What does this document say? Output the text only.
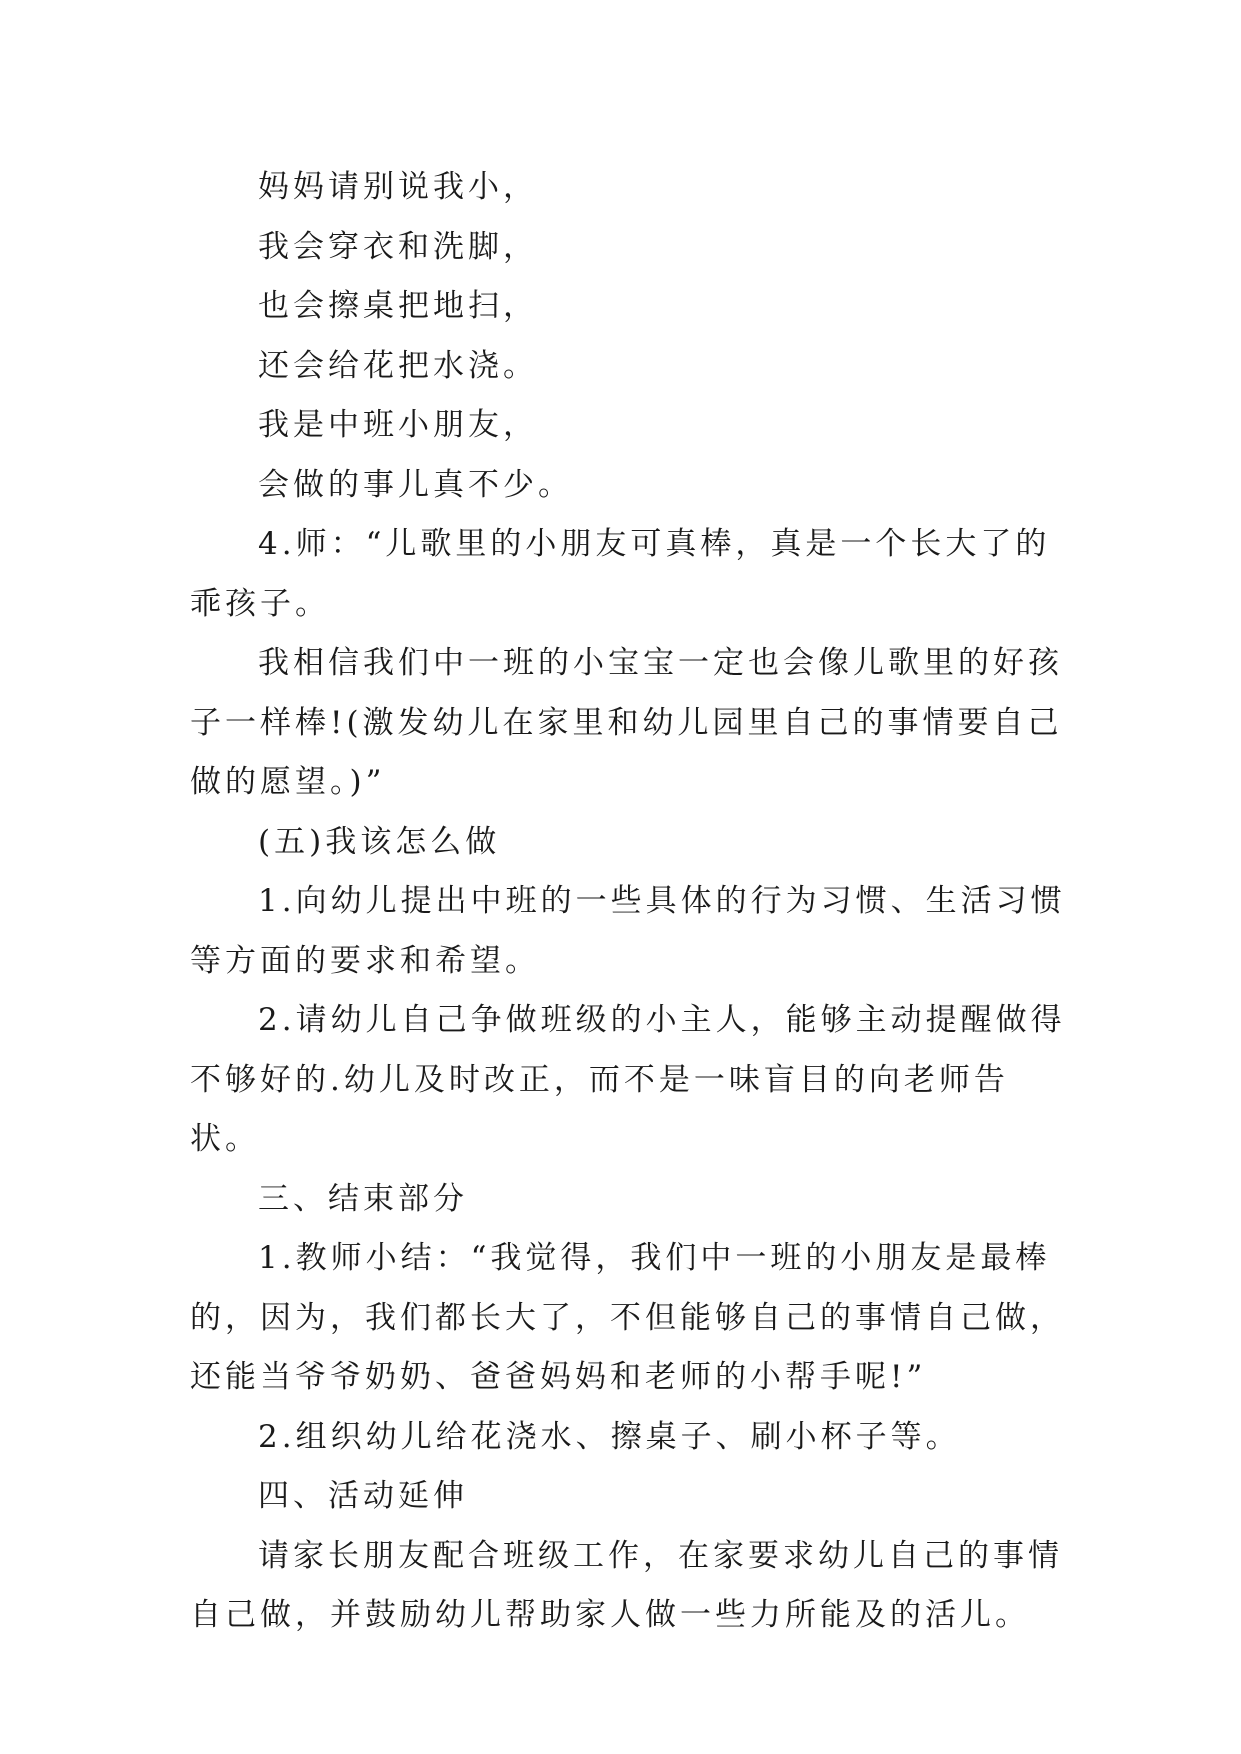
妈妈请别说我小，

我会穿衣和洗脚，

也会擦桌把地扫，

还会给花把水浇。

我是中班小朋友，

会做的事儿真不少。

4.师：“儿歌里的小朋友可真棒，真是一个长大了的乖孩子。

我相信我们中一班的小宝宝一定也会像儿歌里的好孩子一样棒!(激发幼儿在家里和幼儿园里自己的事情要自己做的愿望。)”

(五)我该怎么做

1.向幼儿提出中班的一些具体的行为习惯、生活习惯等方面的要求和希望。

2.请幼儿自己争做班级的小主人，能够主动提醒做得不够好的.幼儿及时改正，而不是一味盲目的向老师告状。

三、结束部分

1.教师小结：“我觉得，我们中一班的小朋友是最棒的，因为，我们都长大了，不但能够自己的事情自己做，还能当爷爷奶奶、爸爸妈妈和老师的小帮手呢!”

2.组织幼儿给花浇水、擦桌子、刷小杯子等。

四、活动延伸

请家长朋友配合班级工作，在家要求幼儿自己的事情自己做，并鼓励幼儿帮助家人做一些力所能及的活儿。
